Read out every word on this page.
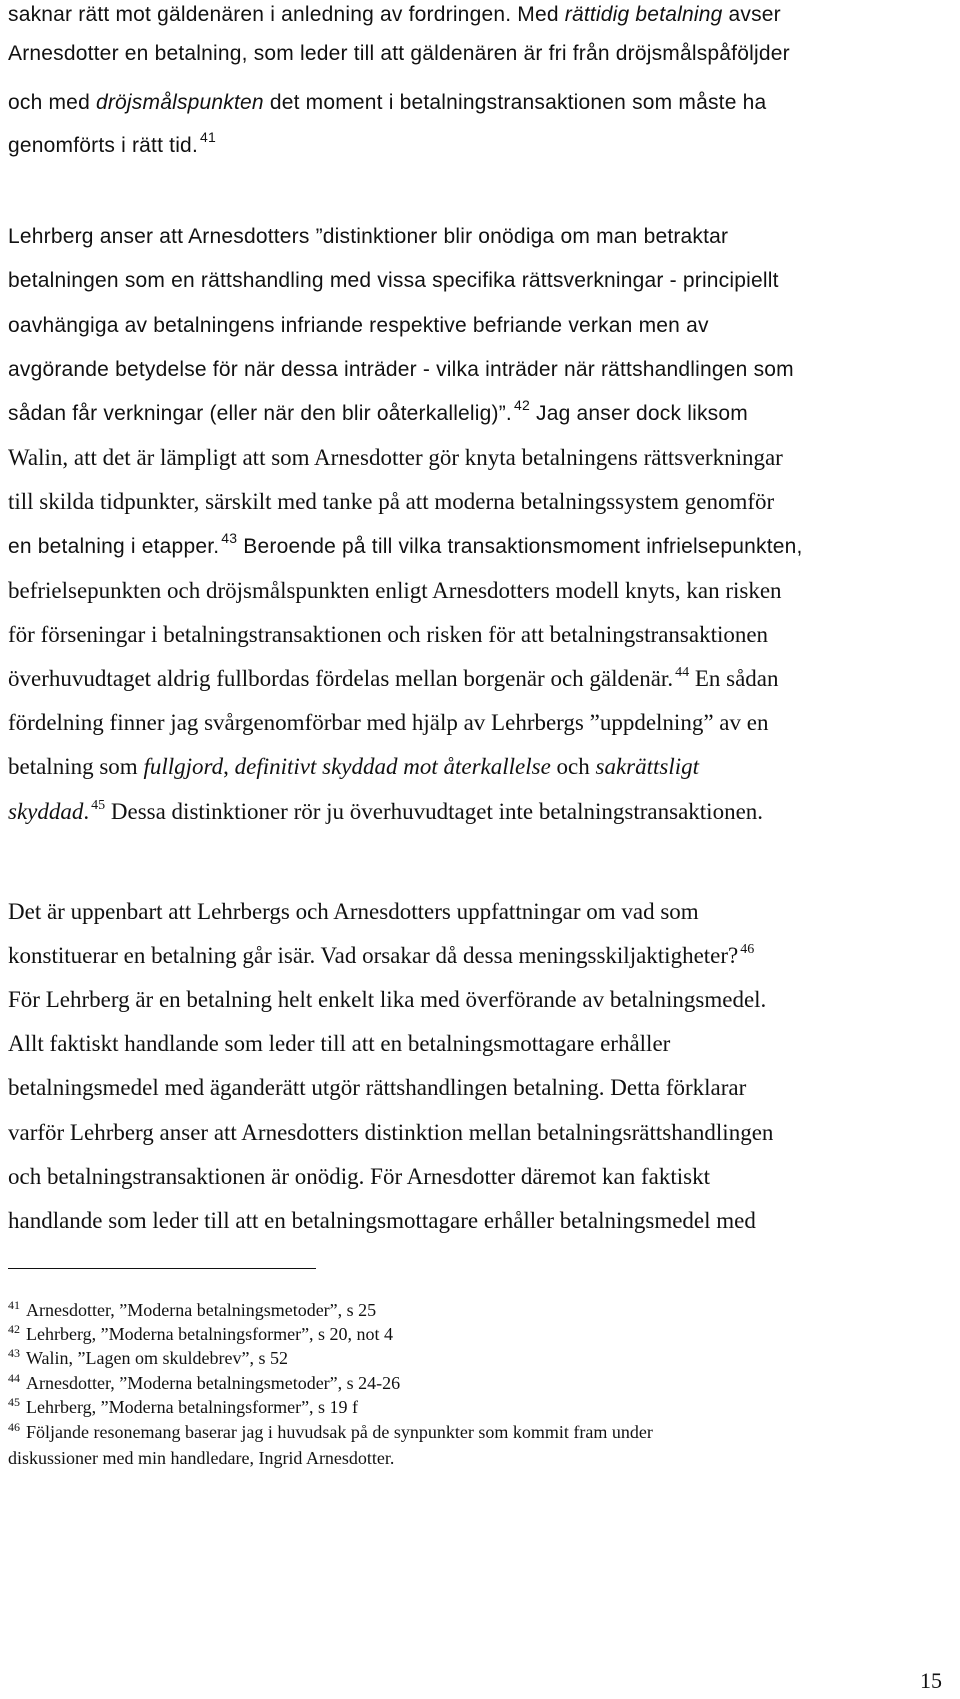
saknar rätt mot gäldenären i anledning av fordringen. Med rättidig betalning avser
Arnesdotter en betalning, som leder till att gäldenären är fri från dröjsmålspåföljder
och med dröjsmålspunkten det moment i betalningstransaktionen som måste ha
genomförts i rätt tid. $^{41}$
Lehrberg anser att Arnesdotters ”distinktioner blir onödiga om man betraktar
betalningen som en rättshandling med vissa specifika rättsverkningar - principiellt
oavhängiga av betalningens infriande respektive befriande verkan men av
avgörande betydelse för när dessa inträder - vilka inträder när rättshandlingen som
sådan får verkningar (eller när den blir oåterkallelig)”. $^{42}$ Jag anser dock liksom
Walin, att det är lämpligt att som Arnesdotter gör knyta betalningens rättsverkningar
till skilda tidpunkter, särskilt med tanke på att moderna betalningssystem genomför
en betalning i etapper. $^{43}$ Beroende på till vilka transaktionsmoment infrielsepunkten,
befrielsepunkten och dröjsmålspunkten enligt Arnesdotters modell knyts, kan risken
för förseningar i betalningstransaktionen och risken för att betalningstransaktionen
överhuvudtaget aldrig fullbordas fördelas mellan borgenär och gäldenär. $^{44}$ En sådan
fördelning finner jag svårgenomförbar med hjälp av Lehrbergs ”uppdelning” av en
betalning som fullgjord, definitivt skyddad mot återkallelse och sakrättsligt
skyddad. $^{45}$ Dessa distinktioner rör ju överhuvudtaget inte betalningstransaktionen.
Det är uppenbart att Lehrbergs och Arnesdotters uppfattningar om vad som
konstituerar en betalning går isär. Vad orsakar då dessa meningsskiljaktigheter? $^{46}$
För Lehrberg är en betalning helt enkelt lika med överförande av betalningsmedel.
Allt faktiskt handlande som leder till att en betalningsmottagare erhåller
betalningsmedel med äganderätt utgör rättshandlingen betalning. Detta förklarar
varför Lehrberg anser att Arnesdotters distinktion mellan betalningsrättshandlingen
och betalningstransaktionen är onödig. För Arnesdotter däremot kan faktiskt
handlande som leder till att en betalningsmottagare erhåller betalningsmedel med
$^{41}$ Arnesdotter, ”Moderna betalningsmetoder”, s 25
$^{42}$ Lehrberg, ”Moderna betalningsformer”, s 20, not 4
$^{43}$ Walin, ”Lagen om skuldebrev”, s 52
$^{44}$ Arnesdotter, ”Moderna betalningsmetoder”, s 24-26
$^{45}$ Lehrberg, ”Moderna betalningsformer”, s 19 f
$^{46}$ Följande resonemang baserar jag i huvudsak på de synpunkter som kommit fram under
diskussioner med min handledare, Ingrid Arnesdotter.
15
